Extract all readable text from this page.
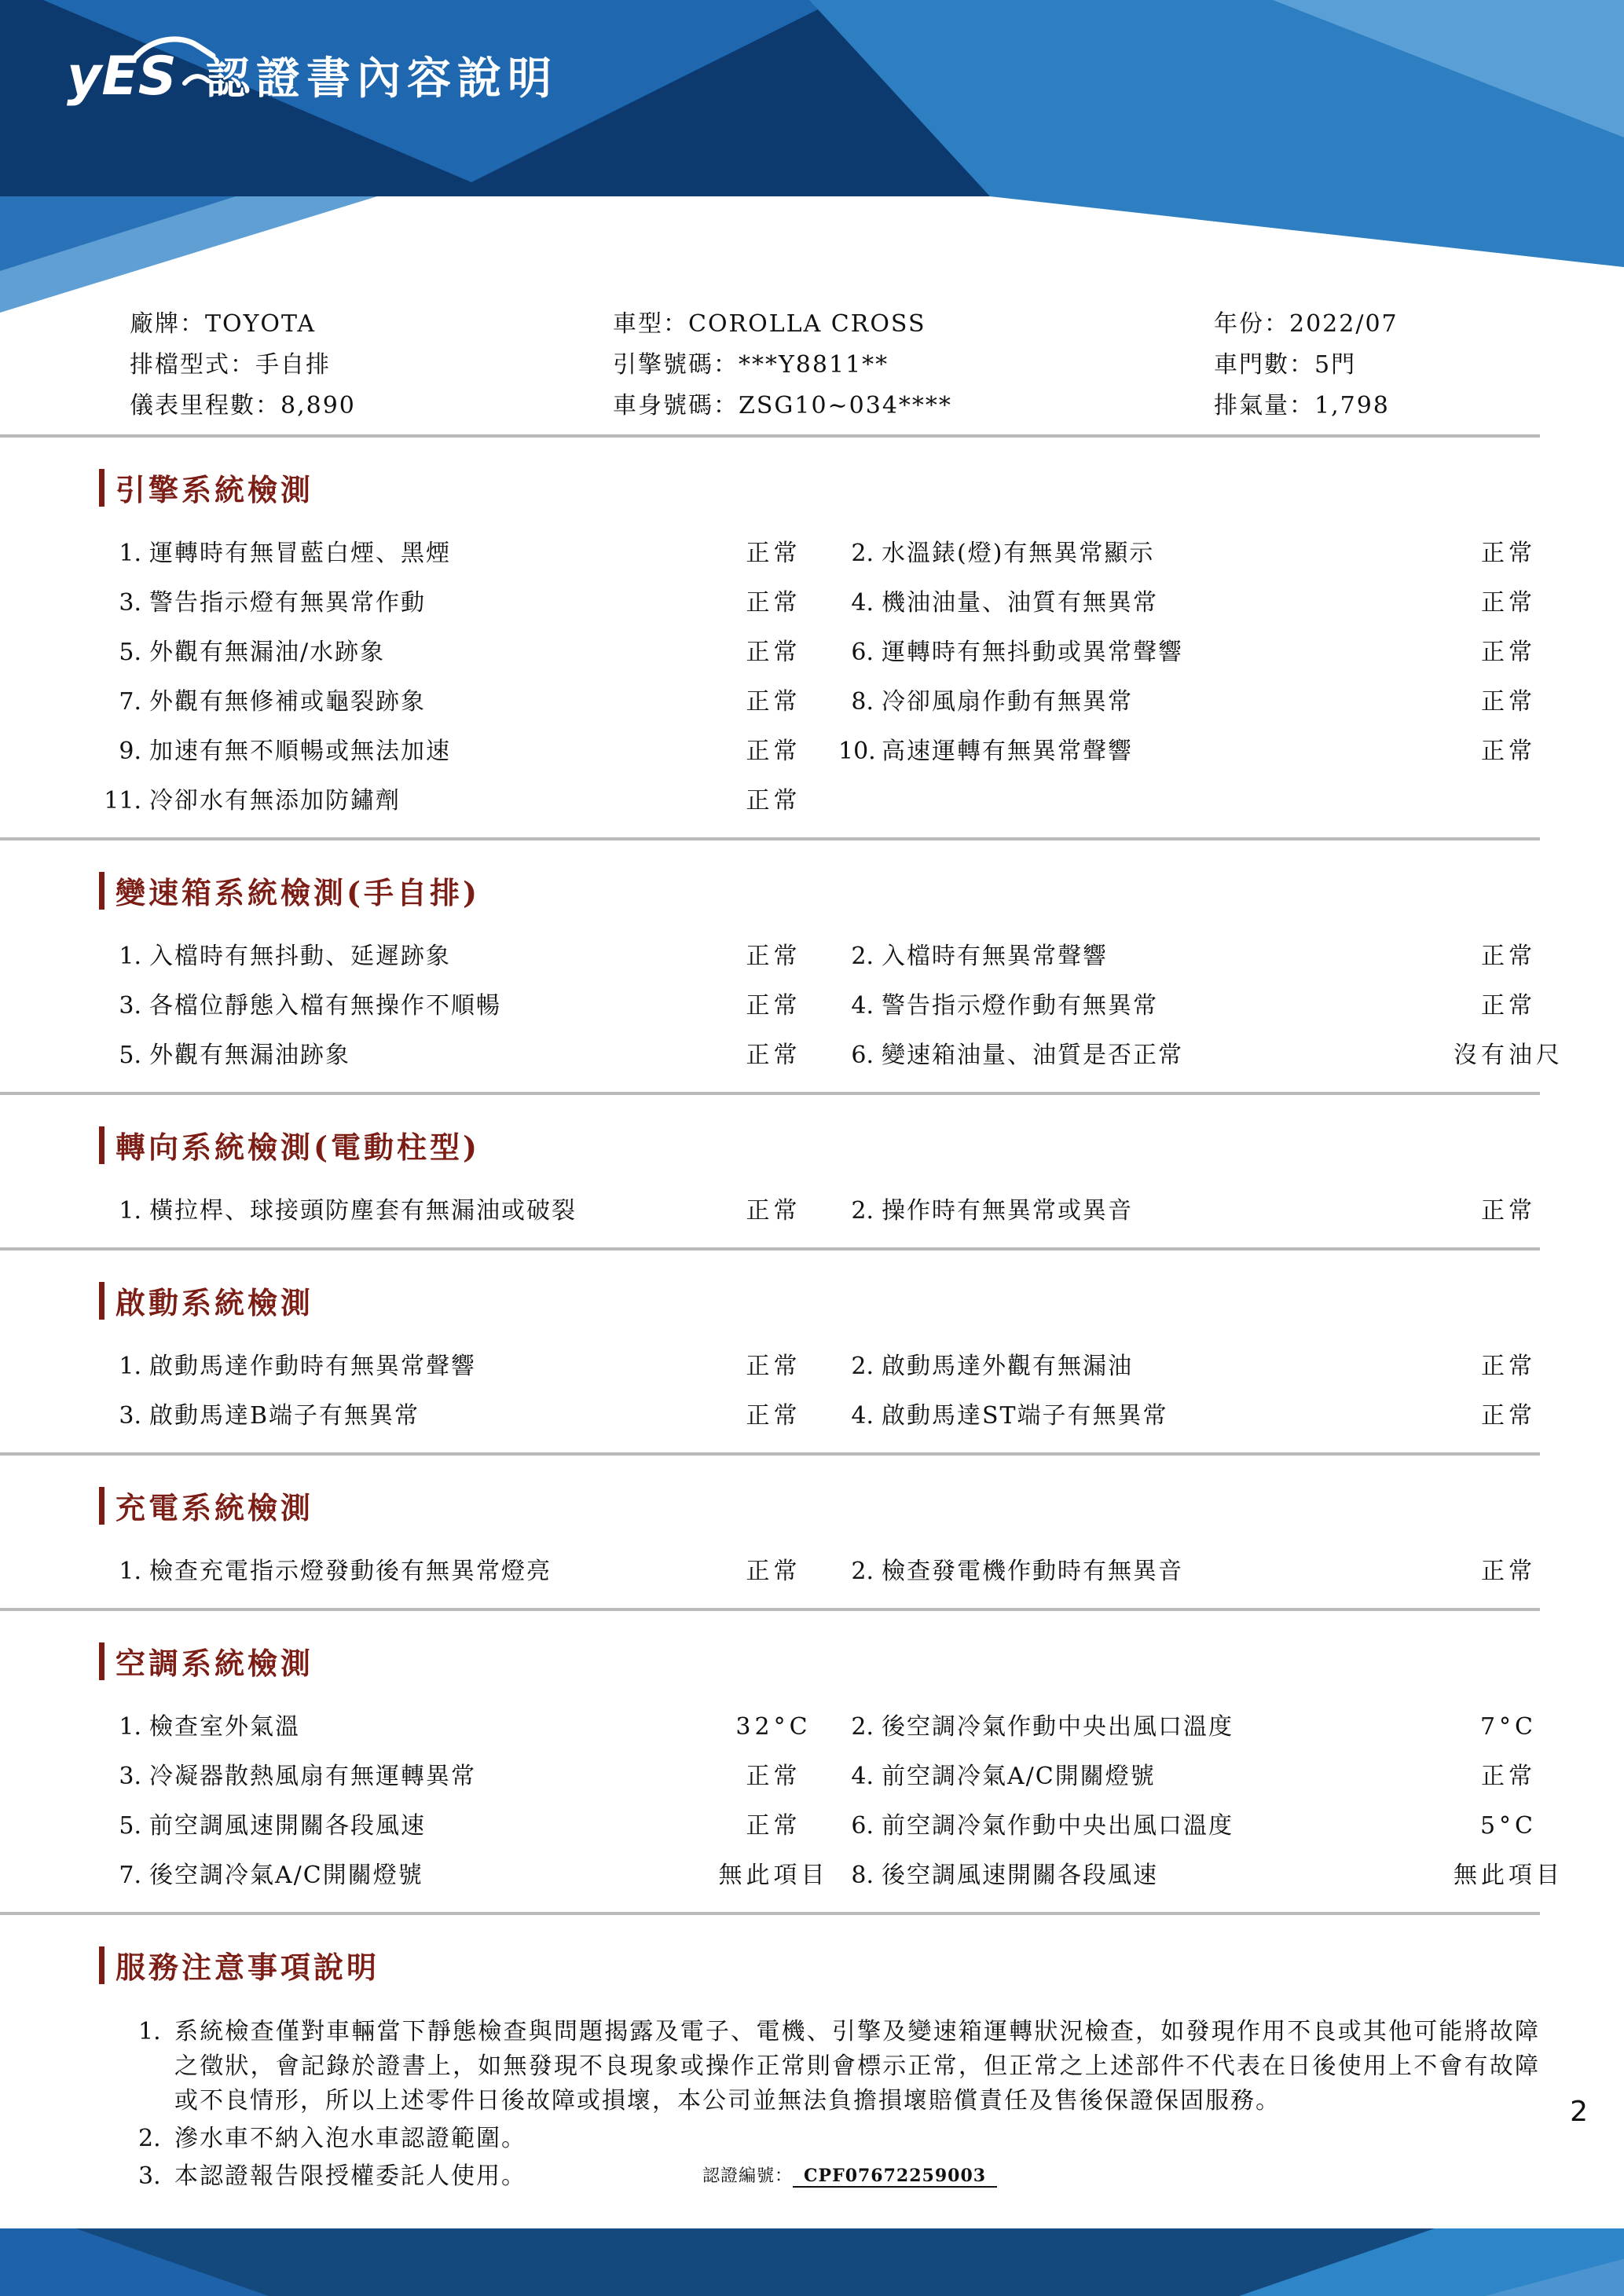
yES 認證書內容說明
廠牌：TOYOTA	車型：COROLLA CROSS	年份：2022/07
排檔型式：手自排	引擎號碼：***Y8811**	車門數：5門
儀表里程數：8,890	車身號碼：ZSG10~034****	排氣量：1,798
引擎系統檢測
1. 運轉時有無冒藍白煙、黑煙	正常	2. 水溫錶(燈)有無異常顯示	正常
3. 警告指示燈有無異常作動	正常	4. 機油油量、油質有無異常	正常
5. 外觀有無漏油/水跡象	正常	6. 運轉時有無抖動或異常聲響	正常
7. 外觀有無修補或龜裂跡象	正常	8. 冷卻風扇作動有無異常	正常
9. 加速有無不順暢或無法加速	正常	10. 高速運轉有無異常聲響	正常
11. 冷卻水有無添加防鏽劑	正常
變速箱系統檢測(手自排)
1. 入檔時有無抖動、延遲跡象	正常	2. 入檔時有無異常聲響	正常
3. 各檔位靜態入檔有無操作不順暢	正常	4. 警告指示燈作動有無異常	正常
5. 外觀有無漏油跡象	正常	6. 變速箱油量、油質是否正常	沒有油尺
轉向系統檢測(電動柱型)
1. 橫拉桿、球接頭防塵套有無漏油或破裂	正常	2. 操作時有無異常或異音	正常
啟動系統檢測
1. 啟動馬達作動時有無異常聲響	正常	2. 啟動馬達外觀有無漏油	正常
3. 啟動馬達B端子有無異常	正常	4. 啟動馬達ST端子有無異常	正常
充電系統檢測
1. 檢查充電指示燈發動後有無異常燈亮	正常	2. 檢查發電機作動時有無異音	正常
空調系統檢測
1. 檢查室外氣溫	32°C	2. 後空調冷氣作動中央出風口溫度	7°C
3. 冷凝器散熱風扇有無運轉異常	正常	4. 前空調冷氣A/C開關燈號	正常
5. 前空調風速開關各段風速	正常	6. 前空調冷氣作動中央出風口溫度	5°C
7. 後空調冷氣A/C開關燈號	無此項目 8. 後空調風速開關各段風速	無此項目
服務注意事項說明
1. 系統檢查僅對車輛當下靜態檢查與問題揭露及電子、電機、引擎及變速箱運轉狀況檢查，如發現作用不良或其他可能將故障之徵狀，會記錄於證書上，如無發現不良現象或操作正常則會標示正常，但正常之上述部件不代表在日後使用上不會有故障或不良情形，所以上述零件日後故障或損壞，本公司並無法負擔損壞賠償責任及售後保證保固服務。
2. 滲水車不納入泡水車認證範圍。
3. 本認證報告限授權委託人使用。	認證編號： CPF07672259003
2
